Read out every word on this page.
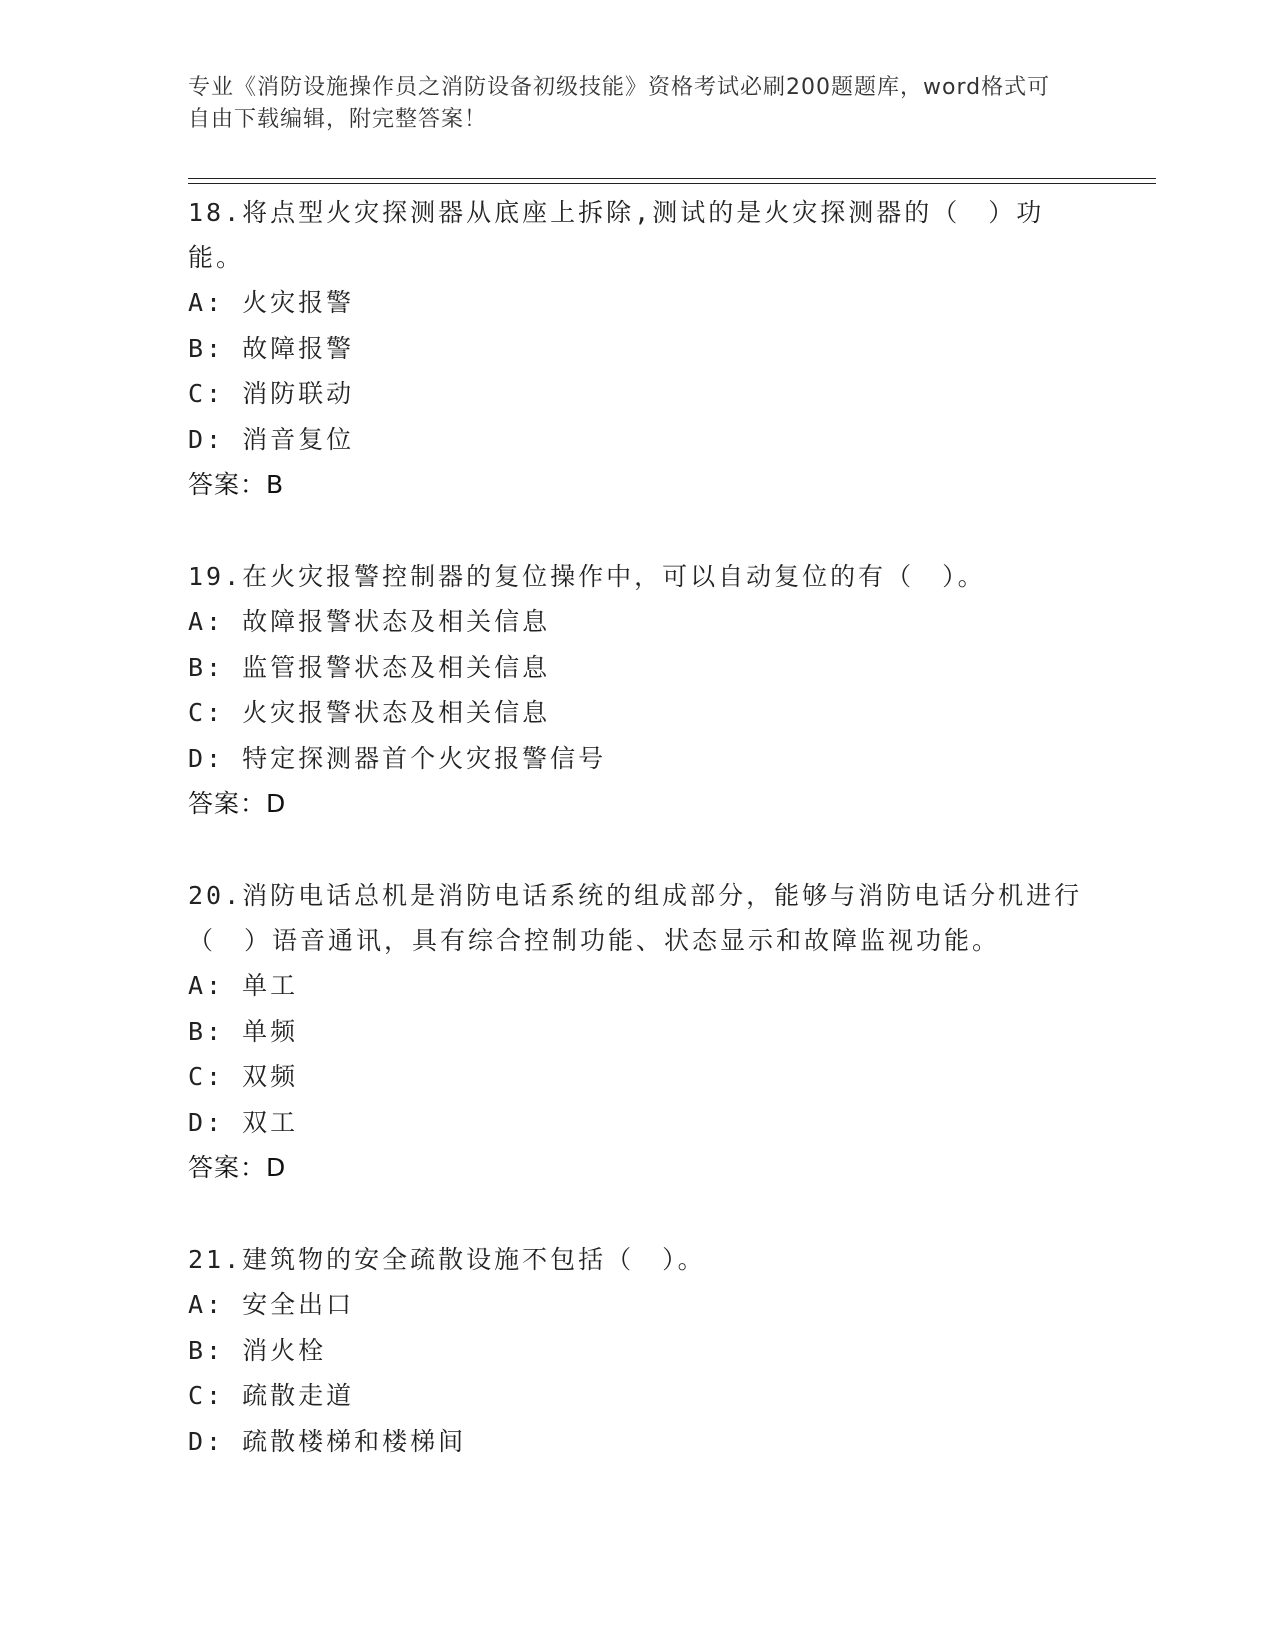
专业《消防设施操作员之消防设备初级技能》资格考试必刷200题题库，word格式可自由下载编辑，附完整答案！
18.将点型火灾探测器从底座上拆除,测试的是火灾探测器的（　）功能。
A: 火灾报警
B: 故障报警
C: 消防联动
D: 消音复位
答案：B
19.在火灾报警控制器的复位操作中，可以自动复位的有（　）。
A: 故障报警状态及相关信息
B: 监管报警状态及相关信息
C: 火灾报警状态及相关信息
D: 特定探测器首个火灾报警信号
答案：D
20.消防电话总机是消防电话系统的组成部分，能够与消防电话分机进行（　）语音通讯，具有综合控制功能、状态显示和故障监视功能。
A: 单工
B: 单频
C: 双频
D: 双工
答案：D
21.建筑物的安全疏散设施不包括（　）。
A: 安全出口
B: 消火栓
C: 疏散走道
D: 疏散楼梯和楼梯间
